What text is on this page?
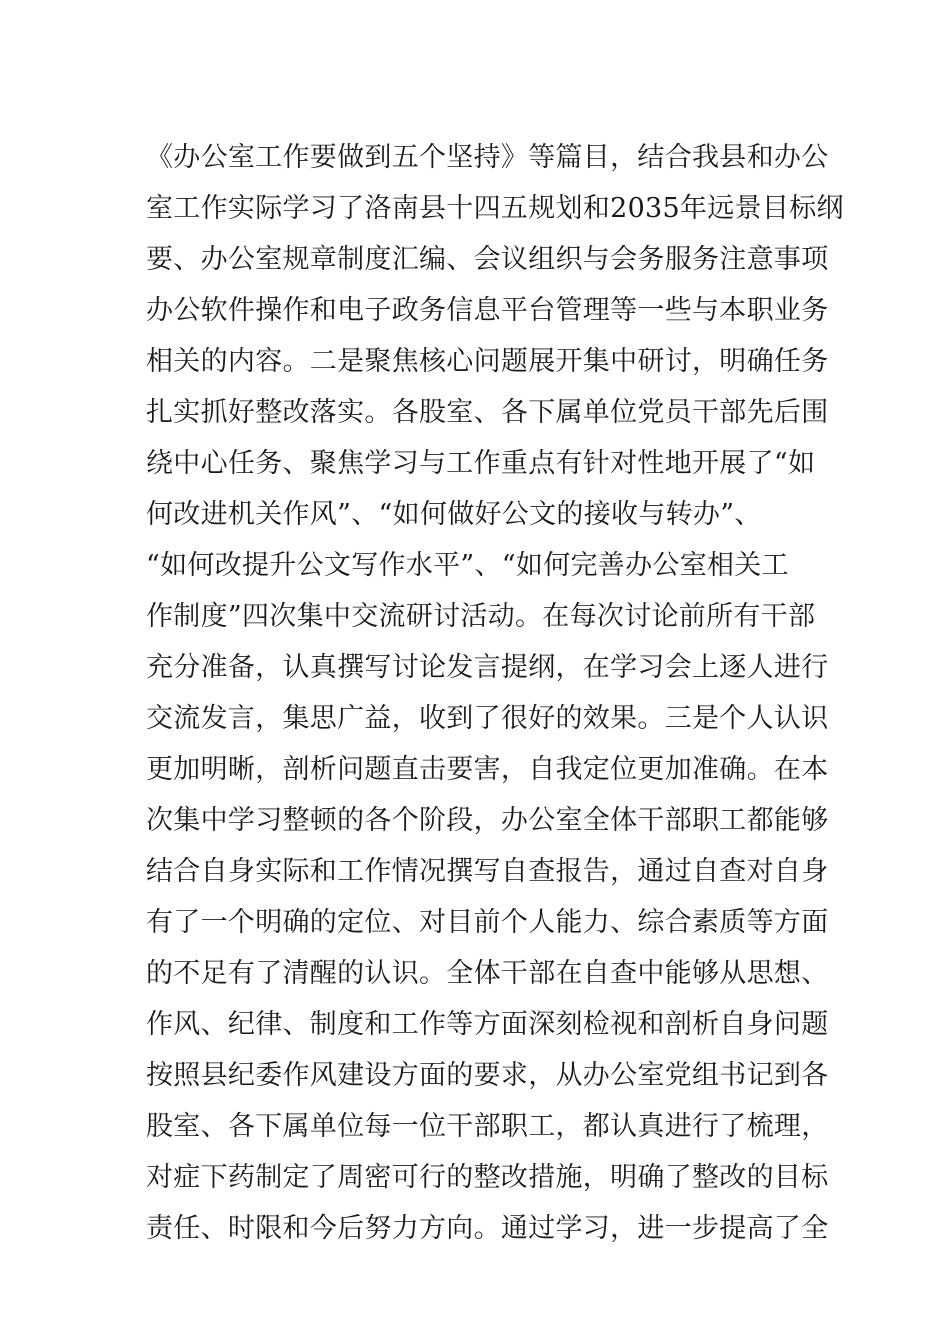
《办公室工作要做到五个坚持》等篇目，结合我县和办公
室工作实际学习了洛南县十四五规划和2035年远景目标纲
要、办公室规章制度汇编、会议组织与会务服务注意事项
办公软件操作和电子政务信息平台管理等一些与本职业务
相关的内容。二是聚焦核心问题展开集中研讨，明确任务
扎实抓好整改落实。各股室、各下属单位党员干部先后围
绕中心任务、聚焦学习与工作重点有针对性地开展了“如
何改进机关作风”、“如何做好公文的接收与转办”、
“如何改提升公文写作水平”、“如何完善办公室相关工
作制度”四次集中交流研讨活动。在每次讨论前所有干部
充分准备，认真撰写讨论发言提纲，在学习会上逐人进行
交流发言，集思广益，收到了很好的效果。三是个人认识
更加明晰，剖析问题直击要害，自我定位更加准确。在本
次集中学习整顿的各个阶段，办公室全体干部职工都能够
结合自身实际和工作情况撰写自查报告，通过自查对自身
有了一个明确的定位、对目前个人能力、综合素质等方面
的不足有了清醒的认识。全体干部在自查中能够从思想、
作风、纪律、制度和工作等方面深刻检视和剖析自身问题
按照县纪委作风建设方面的要求，从办公室党组书记到各
股室、各下属单位每一位干部职工，都认真进行了梳理，
对症下药制定了周密可行的整改措施，明确了整改的目标
责任、时限和今后努力方向。通过学习，进一步提高了全
